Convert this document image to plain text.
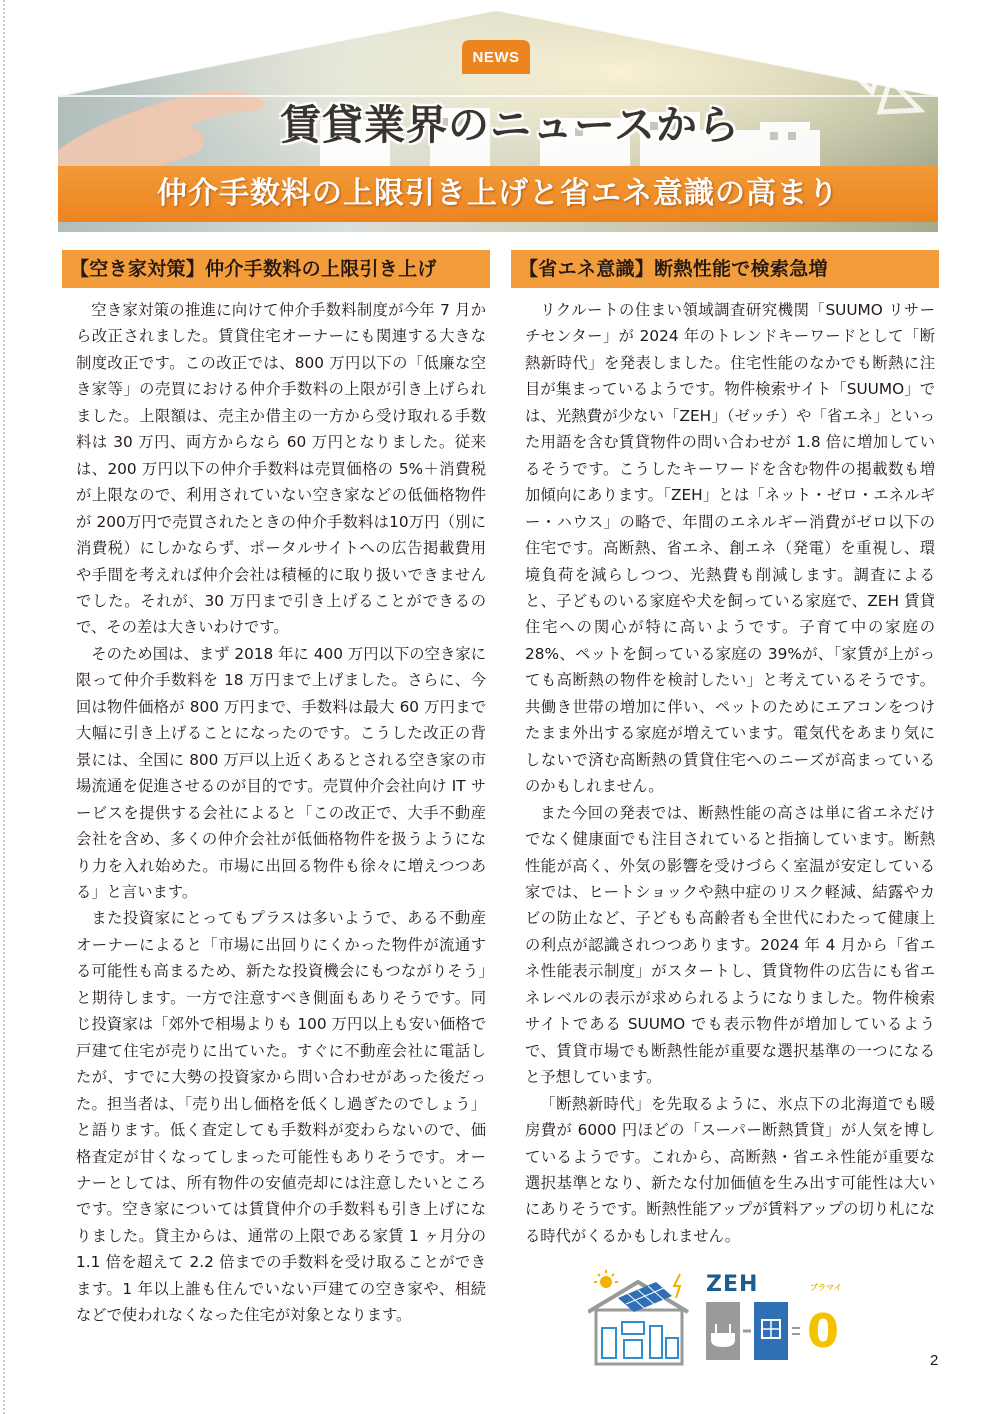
NEWS
賃貸業界のニュースから
仲介手数料の上限引き上げと省エネ意識の高まり
【空き家対策】仲介手数料の上限引き上げ

空き家対策の推進に向けて仲介手数料制度が今年 7 月から改正されました。賃貸住宅オーナーにも関連する大きな制度改正です。この改正では、800 万円以下の「低廉な空き家等」の売買における仲介手数料の上限が引き上げられました。上限額は、売主か借主の一方から受け取れる手数料は 30 万円、両方からなら 60 万円となりました。従来は、200 万円以下の仲介手数料は売買価格の 5%＋消費税が上限なので、利用されていない空き家などの低価格物件が 200万円で売買されたときの仲介手数料は10万円（別に消費税）にしかならず、ポータルサイトへの広告掲載費用や手間を考えれば仲介会社は積極的に取り扱いできませんでした。それが、30 万円まで引き上げることができるので、その差は大きいわけです。

そのため国は、まず 2018 年に 400 万円以下の空き家に限って仲介手数料を 18 万円まで上げました。さらに、今回は物件価格が 800 万円まで、手数料は最大 60 万円まで大幅に引き上げることになったのです。こうした改正の背景には、全国に 800 万戸以上近くあるとされる空き家の市場流通を促進させるのが目的です。売買仲介会社向け IT サービスを提供する会社によると「この改正で、大手不動産会社を含め、多くの仲介会社が低価格物件を扱うようになり力を入れ始めた。市場に出回る物件も徐々に増えつつある」と言います。

また投資家にとってもプラスは多いようで、ある不動産オーナーによると「市場に出回りにくかった物件が流通する可能性も高まるため、新たな投資機会にもつながりそう」と期待します。一方で注意すべき側面もありそうです。同じ投資家は「郊外で相場よりも 100 万円以上も安い価格で戸建て住宅が売りに出ていた。すぐに不動産会社に電話したが、すでに大勢の投資家から問い合わせがあった後だった。担当者は、「売り出し価格を低くし過ぎたのでしょう」と語ります。低く査定しても手数料が変わらないので、価格査定が甘くなってしまった可能性もありそうです。オーナーとしては、所有物件の安値売却には注意したいところです。空き家については賃貸仲介の手数料も引き上げになりました。貸主からは、通常の上限である家賃 1 ヶ月分の 1.1 倍を超えて 2.2 倍までの手数料を受け取ることができます。1 年以上誰も住んでいない戸建ての空き家や、相続などで使われなくなった住宅が対象となります。

【省エネ意識】断熱性能で検索急増

リクルートの住まい領域調査研究機関「SUUMO リサーチセンター」が 2024 年のトレンドキーワードとして「断熱新時代」を発表しました。住宅性能のなかでも断熱に注目が集まっているようです。物件検索サイト「SUUMO」では、光熱費が少ない「ZEH」（ゼッチ）や「省エネ」といった用語を含む賃貸物件の問い合わせが 1.8 倍に増加しているそうです。こうしたキーワードを含む物件の掲載数も増加傾向にあります。「ZEH」とは「ネット・ゼロ・エネルギー・ハウス」の略で、年間のエネルギー消費がゼロ以下の住宅です。高断熱、省エネ、創エネ（発電）を重視し、環境負荷を減らしつつ、光熱費も削減します。調査によると、子どものいる家庭や犬を飼っている家庭で、ZEH 賃貸住宅への関心が特に高いようです。子育て中の家庭の 28%、ペットを飼っている家庭の 39%が、「家賃が上がっても高断熱の物件を検討したい」と考えているそうです。共働き世帯の増加に伴い、ペットのためにエアコンをつけたまま外出する家庭が増えています。電気代をあまり気にしないで済む高断熱の賃貸住宅へのニーズが高まっているのかもしれません。

また今回の発表では、断熱性能の高さは単に省エネだけでなく健康面でも注目されていると指摘しています。断熱性能が高く、外気の影響を受けづらく室温が安定している家では、ヒートショックや熱中症のリスク軽減、結露やカビの防止など、子どもも高齢者も全世代にわたって健康上の利点が認識されつつあります。2024 年 4 月から「省エネ性能表示制度」がスタートし、賃貸物件の広告にも省エネレベルの表示が求められるようになりました。物件検索サイトである SUUMO でも表示物件が増加しているようで、賃貸市場でも断熱性能が重要な選択基準の一つになると予想しています。

「断熱新時代」を先取るように、氷点下の北海道でも暖房費が 6000 円ほどの「スーパー断熱賃貸」が人気を博しているようです。これから、高断熱・省エネ性能が重要な選択基準となり、新たな付加価値を生み出す可能性は大いにありそうです。断熱性能アップが賃料アップの切り札になる時代がくるかもしれません。

ZEH	プラマイ
0
2
